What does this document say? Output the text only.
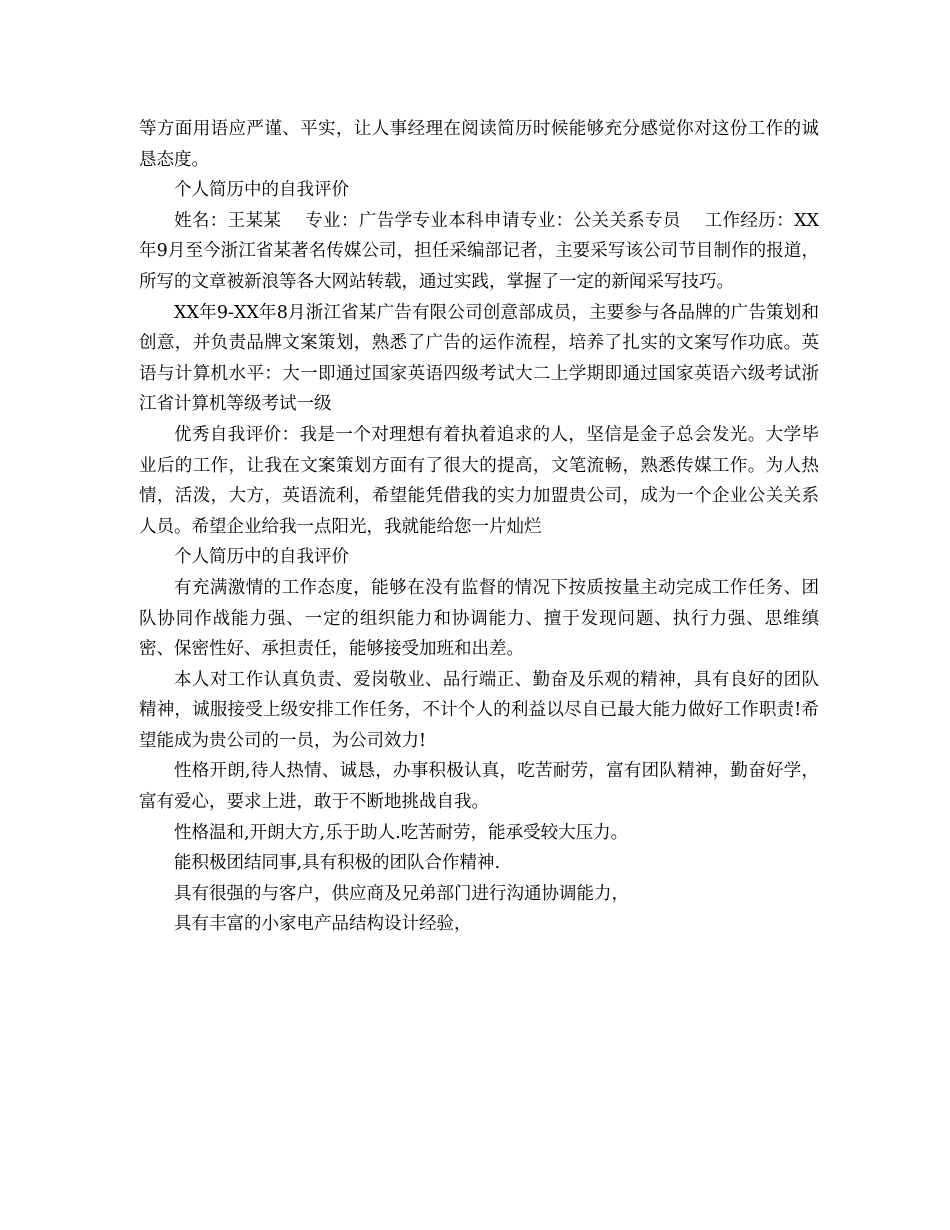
等方面用语应严谨、平实，让人事经理在阅读简历时候能够充分感觉你对这份工作的诚恳态度。

个人简历中的自我评价

姓名：王某某　 专业：广告学专业本科申请专业：公关关系专员　 工作经历：XX年9月至今浙江省某著名传媒公司，担任采编部记者，主要采写该公司节目制作的报道，所写的文章被新浪等各大网站转载，通过实践，掌握了一定的新闻采写技巧。

XX年9-XX年8月浙江省某广告有限公司创意部成员，主要参与各品牌的广告策划和创意，并负责品牌文案策划，熟悉了广告的运作流程，培养了扎实的文案写作功底。英语与计算机水平：大一即通过国家英语四级考试大二上学期即通过国家英语六级考试浙江省计算机等级考试一级

优秀自我评价：我是一个对理想有着执着追求的人，坚信是金子总会发光。大学毕业后的工作，让我在文案策划方面有了很大的提高，文笔流畅，熟悉传媒工作。为人热情，活泼，大方，英语流利，希望能凭借我的实力加盟贵公司，成为一个企业公关关系人员。希望企业给我一点阳光，我就能给您一片灿烂

个人简历中的自我评价

有充满激情的工作态度，能够在没有监督的情况下按质按量主动完成工作任务、团队协同作战能力强、一定的组织能力和协调能力、擅于发现问题、执行力强、思维缜密、保密性好、承担责任，能够接受加班和出差。

本人对工作认真负责、爱岗敬业、品行端正、勤奋及乐观的精神，具有良好的团队精神，诚服接受上级安排工作任务，不计个人的利益以尽自已最大能力做好工作职责!希望能成为贵公司的一员，为公司效力!

性格开朗,待人热情、诚恳，办事积极认真，吃苦耐劳，富有团队精神，勤奋好学，富有爱心，要求上进，敢于不断地挑战自我。

性格温和,开朗大方,乐于助人.吃苦耐劳，能承受较大压力。

能积极团结同事,具有积极的团队合作精神.

具有很强的与客户，供应商及兄弟部门进行沟通协调能力，

具有丰富的小家电产品结构设计经验，
